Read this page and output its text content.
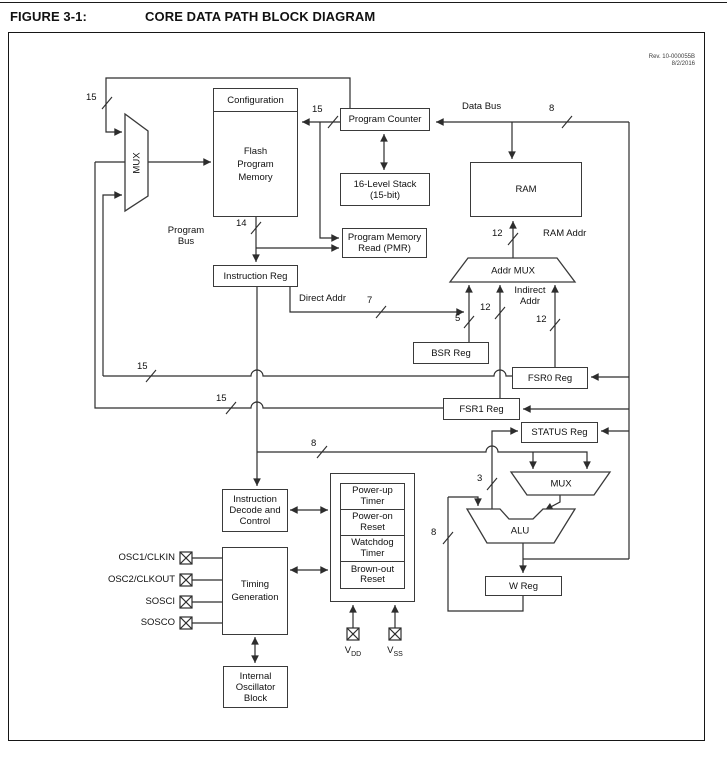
FIGURE 3-1:	CORE DATA PATH BLOCK DIAGRAM
Rev. 10-000055B
8/2/2016
Configuration
Flash
Program
Memory
Program Counter
16-Level Stack
(15-bit)	RAM
Program Memory
Read (PMR)
Instruction Reg
BSR Reg
FSR0 Reg
FSR1 Reg
STATUS Reg
W Reg
Instruction
Decode and
Control
Timing
Generation
Internal
Oscillator
Block
Power-up
Timer
Power-on
Reset
Watchdog
Timer
Brown-out
Reset
MUX
Addr MUX
MUX
ALU
Data Bus
Program
Bus
RAM Addr
Direct Addr
Indirect
Addr
15
15	8
14
7
5
12
12
12
15
15
8
3
8
OSC1/CLKIN
OSC2/CLKOUT
SOSCI
SOSCO
$V_{DD}$	$V_{SS}$
